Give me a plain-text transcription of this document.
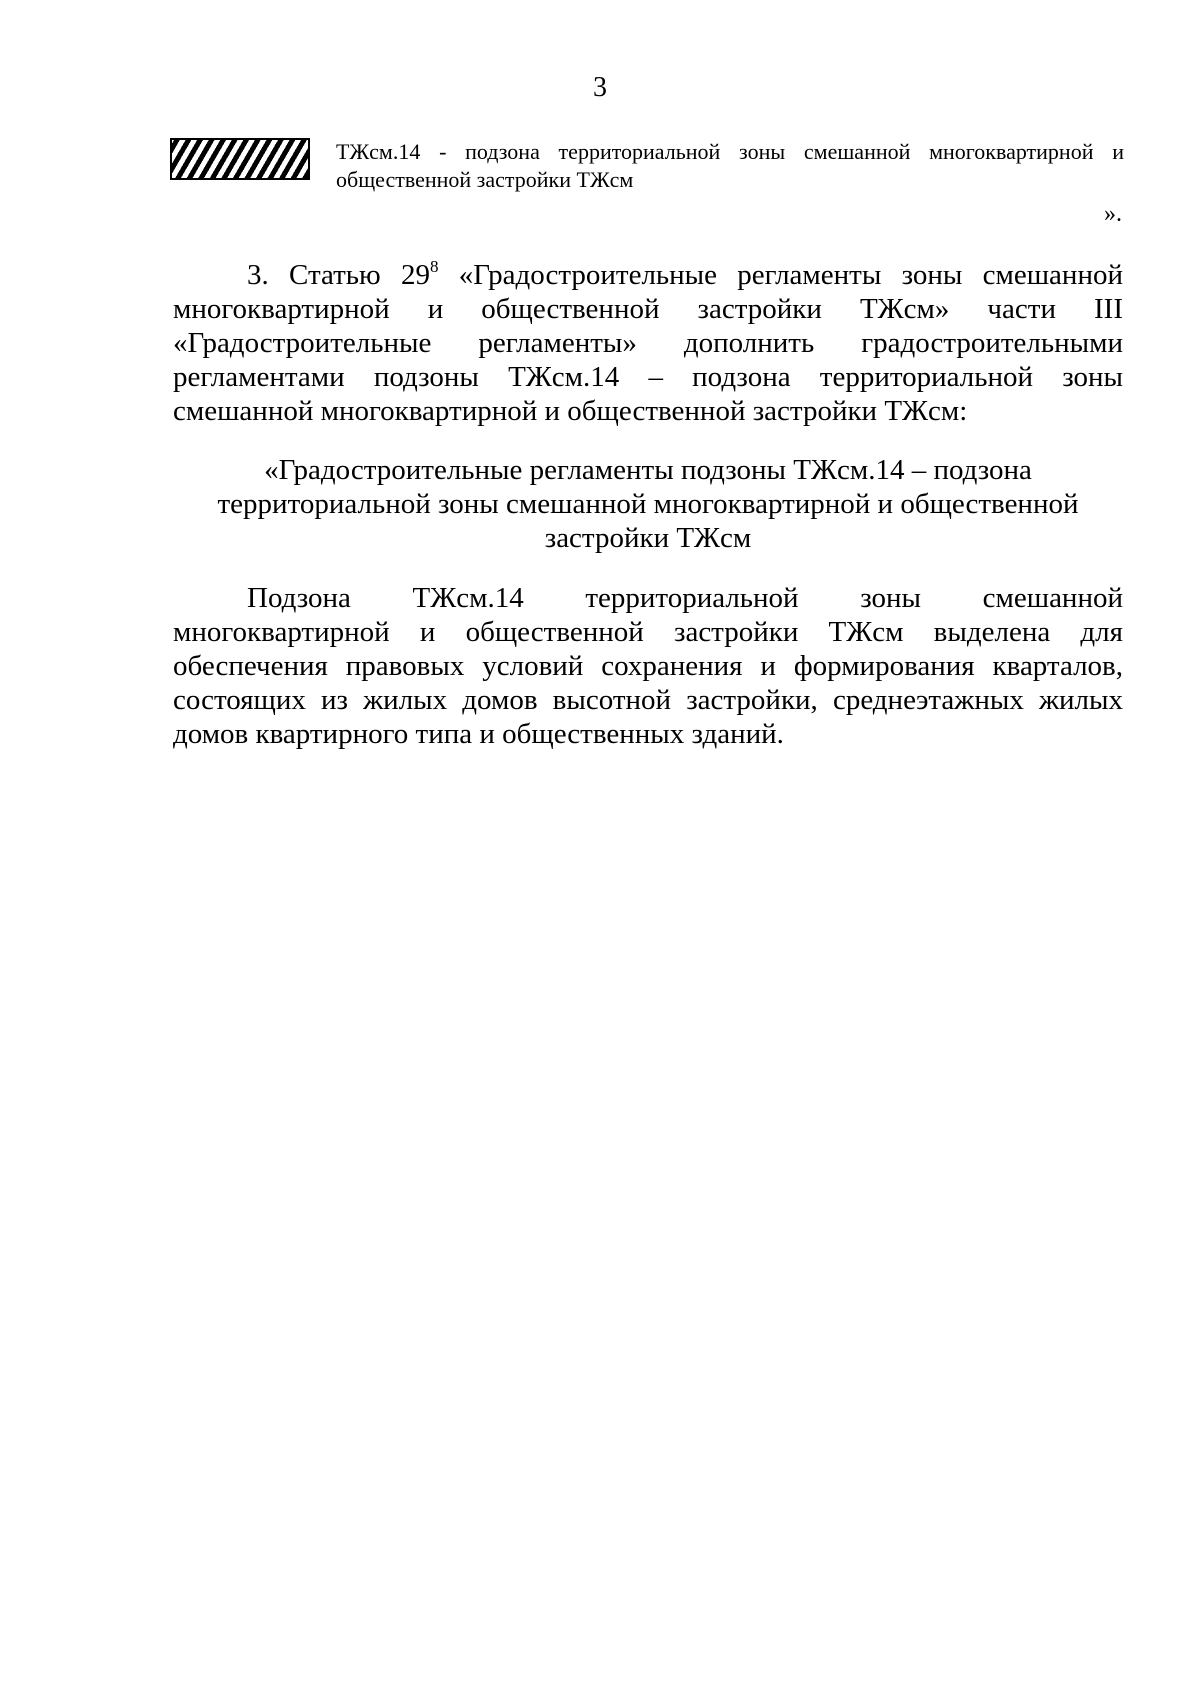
3
ТЖсм.14 - подзона территориальной зоны смешанной многоквартирной и общественной застройки ТЖсм
».

3. Статью $29^8$ «Градостроительные регламенты зоны смешанной многоквартирной и общественной застройки ТЖсм» части III «Градостроительные регламенты» дополнить градостроительными регламентами подзоны ТЖсм.14 – подзона территориальной зоны смешанной многоквартирной и общественной застройки ТЖсм:

«Градостроительные регламенты подзоны ТЖсм.14 – подзона
территориальной зоны смешанной многоквартирной и общественной
застройки ТЖсм

Подзона ТЖсм.14 территориальной зоны смешанной многоквартирной и общественной застройки ТЖсм выделена для обеспечения правовых условий сохранения и формирования кварталов, состоящих из жилых домов высотной застройки, среднеэтажных жилых домов квартирного типа и общественных зданий.
